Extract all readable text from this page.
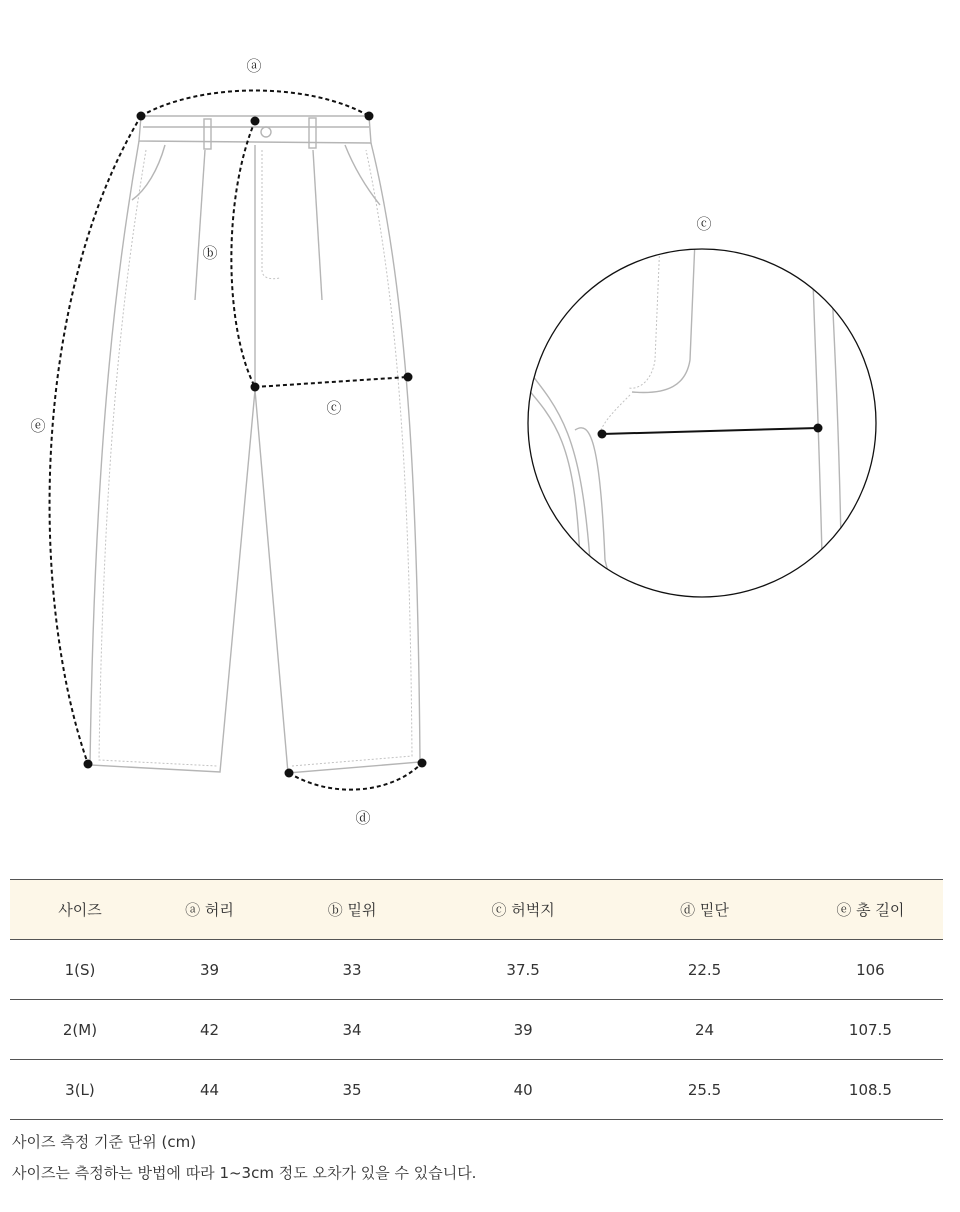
ⓐ
ⓑ
ⓒ
ⓓ
ⓔ
ⓒ
사이즈	ⓐ 허리	ⓑ 밑위	ⓒ 허벅지	ⓓ 밑단	ⓔ 총 길이
1(S)	39	33	37.5	22.5	106
2(M)	42	34	39	24	107.5
3(L)	44	35	40	25.5	108.5
사이즈 측정 기준 단위 (cm)
사이즈는 측정하는 방법에 따라 1~3cm 정도 오차가 있을 수 있습니다.
